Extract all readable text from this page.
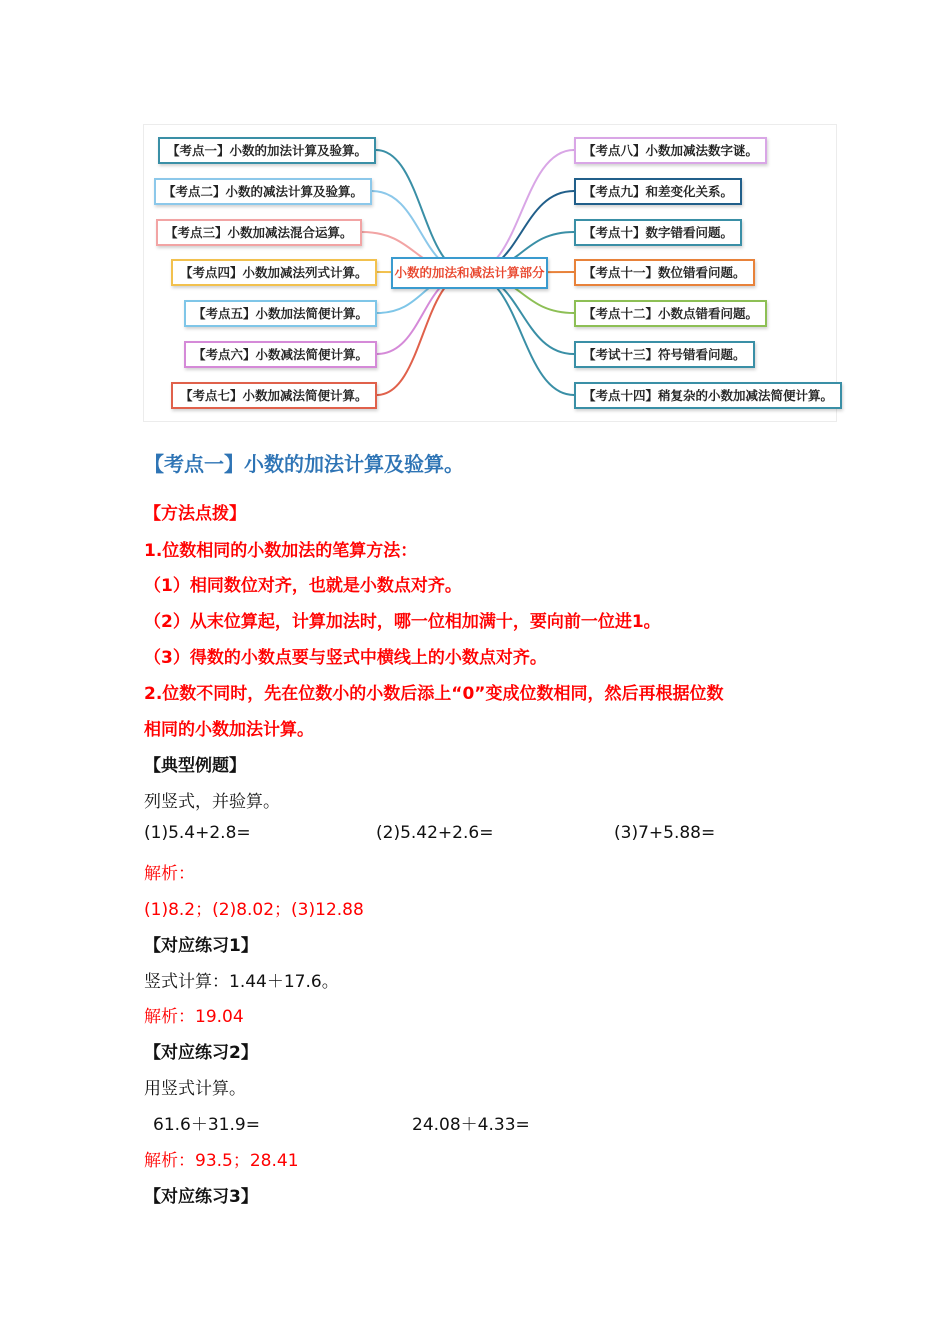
小数的加法和减法计算部分
【考点一】小数的加法计算及验算。
【考点二】小数的减法计算及验算。
【考点三】小数加减法混合运算。
【考点四】小数加减法列式计算。
【考点五】小数加法简便计算。
【考点六】小数减法简便计算。
【考点七】小数加减法简便计算。
【考点八】小数加减法数字谜。
【考点九】和差变化关系。
【考点十】数字错看问题。
【考点十一】数位错看问题。
【考点十二】小数点错看问题。
【考试十三】符号错看问题。
【考点十四】稍复杂的小数加减法简便计算。
【考点一】小数的加法计算及验算。
【方法点拨】
1.位数相同的小数加法的笔算方法：
（1）相同数位对齐，也就是小数点对齐。
（2）从末位算起，计算加法时，哪一位相加满十，要向前一位进1。
（3）得数的小数点要与竖式中横线上的小数点对齐。
2.位数不同时，先在位数小的小数后添上“0”变成位数相同，然后再根据位数
相同的小数加法计算。
【典型例题】
列竖式，并验算。
(1)5.4+2.8=	(2)5.42+2.6=	(3)7+5.88=
解析：
(1)8.2；(2)8.02；(3)12.88
【对应练习1】
竖式计算：1.44＋17.6。
解析：19.04
【对应练习2】
用竖式计算。
61.6＋31.9=	24.08＋4.33=
解析：93.5；28.41
【对应练习3】
